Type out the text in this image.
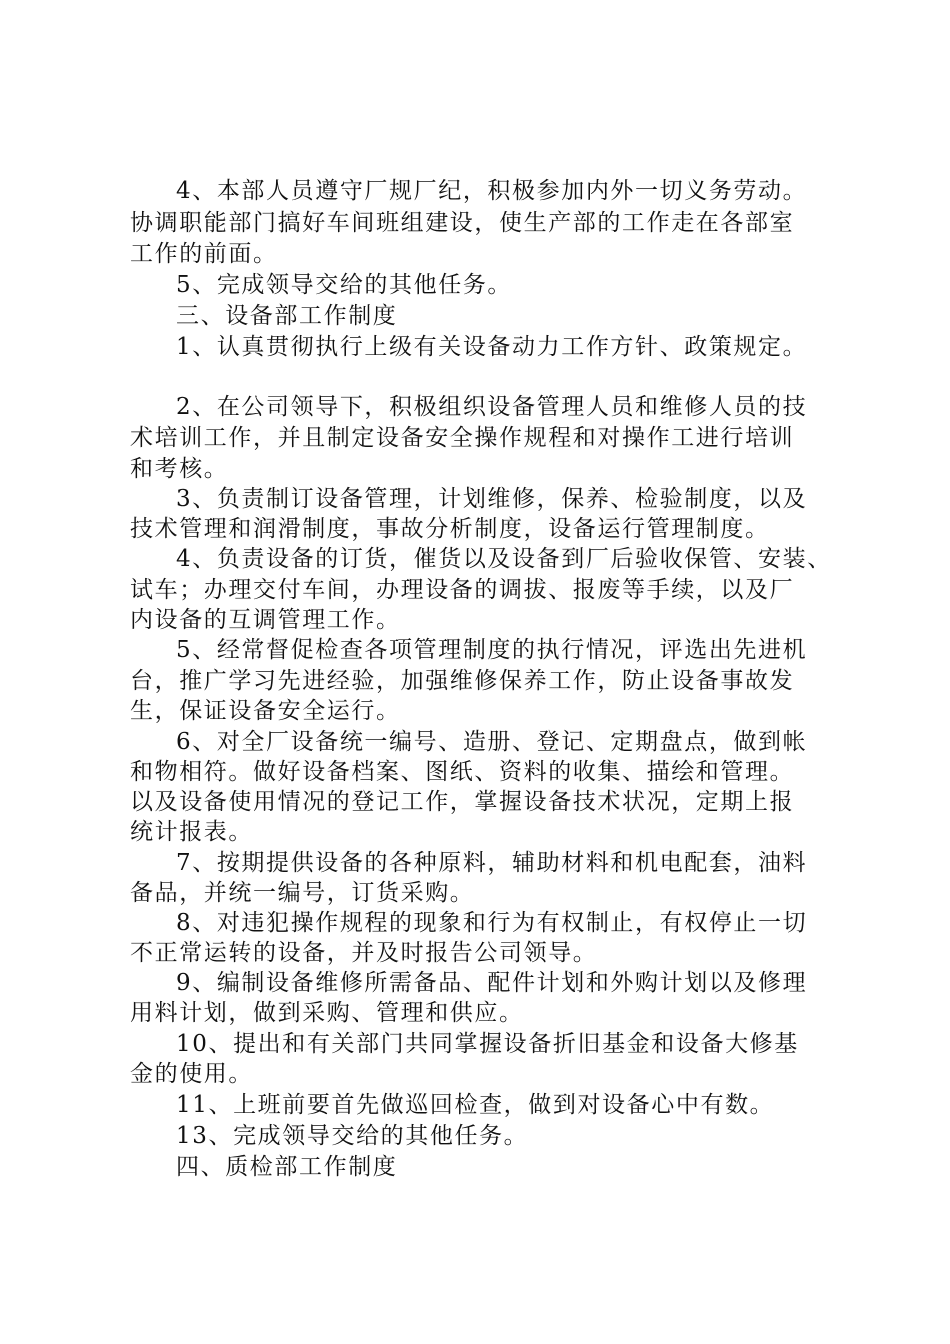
4、本部人员遵守厂规厂纪，积极参加内外一切义务劳动。
协调职能部门搞好车间班组建设，使生产部的工作走在各部室
工作的前面。
5、完成领导交给的其他任务。
三、设备部工作制度
1、认真贯彻执行上级有关设备动力工作方针、政策规定。
2、在公司领导下，积极组织设备管理人员和维修人员的技
术培训工作，并且制定设备安全操作规程和对操作工进行培训
和考核。
3、负责制订设备管理，计划维修，保养、检验制度，以及
技术管理和润滑制度，事故分析制度，设备运行管理制度。
4、负责设备的订货，催货以及设备到厂后验收保管、安装、
试车；办理交付车间，办理设备的调拔、报废等手续，以及厂
内设备的互调管理工作。
5、经常督促检查各项管理制度的执行情况，评选出先进机
台，推广学习先进经验，加强维修保养工作，防止设备事故发
生，保证设备安全运行。
6、对全厂设备统一编号、造册、登记、定期盘点，做到帐
和物相符。做好设备档案、图纸、资料的收集、描绘和管理。
以及设备使用情况的登记工作，掌握设备技术状况，定期上报
统计报表。
7、按期提供设备的各种原料，辅助材料和机电配套，油料
备品，并统一编号，订货采购。
8、对违犯操作规程的现象和行为有权制止，有权停止一切
不正常运转的设备，并及时报告公司领导。
9、编制设备维修所需备品、配件计划和外购计划以及修理
用料计划，做到采购、管理和供应。
10、提出和有关部门共同掌握设备折旧基金和设备大修基
金的使用。
11、上班前要首先做巡回检查，做到对设备心中有数。
13、完成领导交给的其他任务。
四、质检部工作制度
